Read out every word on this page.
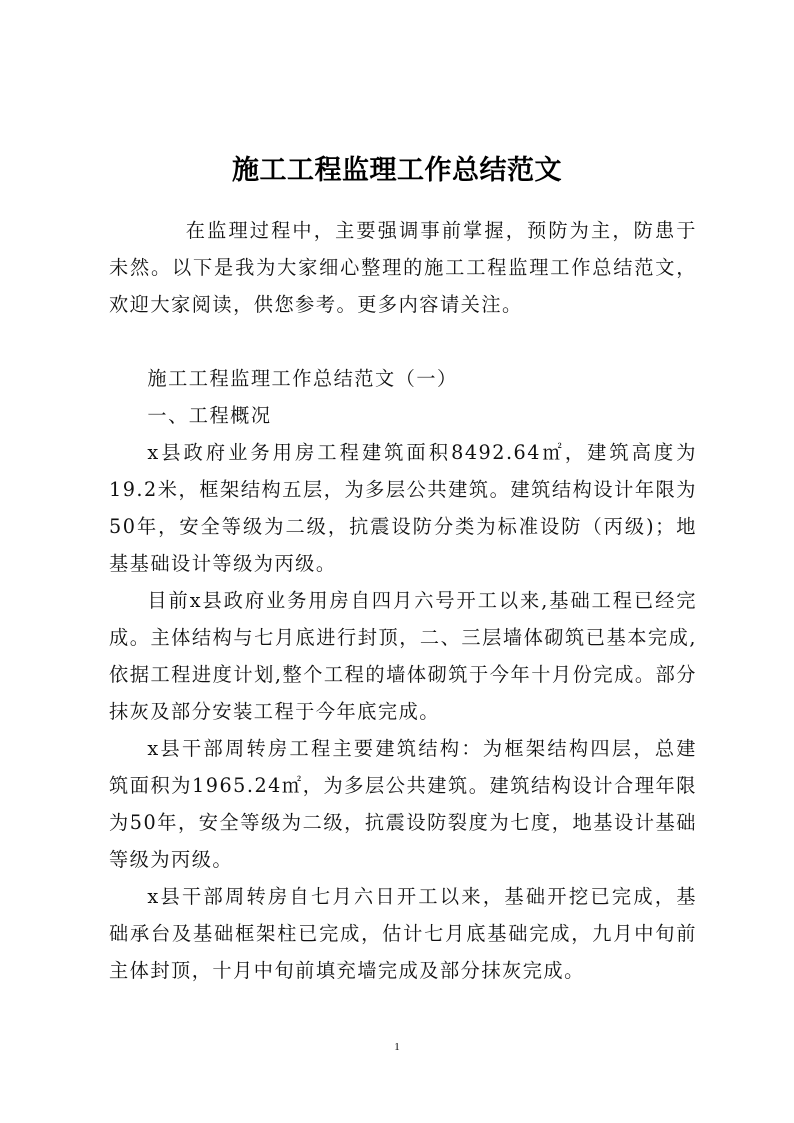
施工工程监理工作总结范文

在监理过程中，主要强调事前掌握，预防为主，防患于未然。以下是我为大家细心整理的施工工程监理工作总结范文，欢迎大家阅读，供您参考。更多内容请关注。

施工工程监理工作总结范文（一）

一、工程概况

x县政府业务用房工程建筑面积8492.64㎡，建筑高度为19.2米，框架结构五层，为多层公共建筑。建筑结构设计年限为50年，安全等级为二级，抗震设防分类为标准设防（丙级)；地基基础设计等级为丙级。

目前x县政府业务用房自四月六号开工以来,基础工程已经完成。主体结构与七月底进行封顶，二、三层墙体砌筑已基本完成,依据工程进度计划,整个工程的墙体砌筑于今年十月份完成。部分抹灰及部分安装工程于今年底完成。

x县干部周转房工程主要建筑结构：为框架结构四层，总建筑面积为1965.24㎡，为多层公共建筑。建筑结构设计合理年限为50年，安全等级为二级，抗震设防裂度为七度，地基设计基础等级为丙级。

x县干部周转房自七月六日开工以来，基础开挖已完成，基础承台及基础框架柱已完成，估计七月底基础完成，九月中旬前主体封顶，十月中旬前填充墙完成及部分抹灰完成。

1
